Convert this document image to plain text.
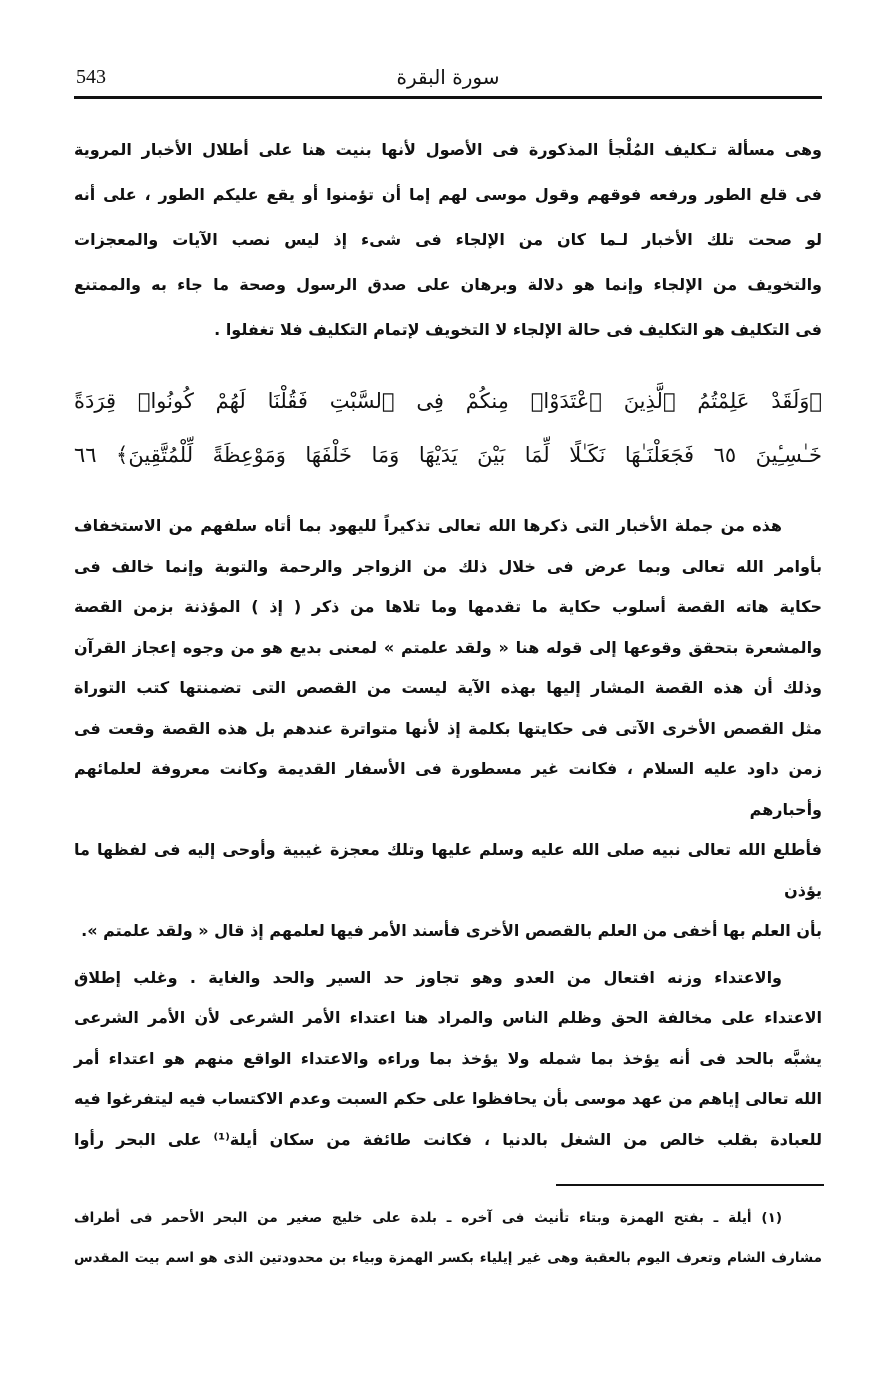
543	سورة البقرة
وهى مسألة تـكليف المُلْجأ المذكورة فى الأصول لأنها بنيت هنا على أطلال الأخبار المروية
فى قلع الطور ورفعه فوقهم وقول موسى لهم إما أن تؤمنوا أو يقع عليكم الطور ، على أنه
لو صحت تلك الأخبار لـما كان من الإلجاء فى شىء إذ ليس نصب الآيات والمعجزات
والتخويف من الإلجاء وإنما هو دلالة وبرهان على صدق الرسول وصحة ما جاء به والممتنع
فى التكليف هو التكليف فى حالة الإلجاء لا التخويف لإتمام التكليف فلا تغفلوا .
﴿وَلَقَدْ عَلِمْتُمُ ٱلَّذِينَ ٱعْتَدَوْا۟ مِنكُمْ فِى ٱلسَّبْتِ فَقُلْنَا لَهُمْ كُونُوا۟ قِرَدَةً
خَـٰسِـِٔينَ ٦٥ فَجَعَلْنَـٰهَا نَكَـٰلًا لِّمَا بَيْنَ يَدَيْهَا وَمَا خَلْفَهَا وَمَوْعِظَةً لِّلْمُتَّقِينَ﴾ ٦٦
هذه من جملة الأخبار التى ذكرها الله تعالى تذكيراً لليهود بما أتاه سلفهم من الاستخفاف
بأوامر الله تعالى وبما عرض فى خلال ذلك من الزواجر والرحمة والتوبة وإنما خالف فى
حكاية هاته القصة أسلوب حكاية ما تقدمها وما تلاها من ذكر ( إذ ) المؤذنة بزمن القصة
والمشعرة بتحقق وقوعها إلى قوله هنا « ولقد علمتم » لمعنى بديع هو من وجوه إعجاز القرآن
وذلك أن هذه القصة المشار إليها بهذه الآية ليست من القصص التى تضمنتها كتب التوراة
مثل القصص الأخرى الآتى فى حكايتها بكلمة إذ لأنها متواترة عندهم بل هذه القصة وقعت فى
زمن داود عليه السلام ، فكانت غير مسطورة فى الأسفار القديمة وكانت معروفة لعلمائهم وأحبارهم
فأطلع الله تعالى نبيه صلى الله عليه وسلم عليها وتلك معجزة غيبية وأوحى إليه فى لفظها ما يؤذن
بأن العلم بها أخفى من العلم بالقصص الأخرى فأسند الأمر فيها لعلمهم إذ قال « ولقد علمتم ».
والاعتداء وزنه افتعال من العدو وهو تجاوز حد السير والحد والغاية . وغلب إطلاق
الاعتداء على مخالفة الحق وظلم الناس والمراد هنا اعتداء الأمر الشرعى لأن الأمر الشرعى
يشبَّه بالحد فى أنه يؤخذ بما شمله ولا يؤخذ بما وراءه والاعتداء الواقع منهم هو اعتداء أمر
الله تعالى إياهم من عهد موسى بأن يحافظوا على حكم السبت وعدم الاكتساب فيه ليتفرغوا فيه
للعبادة بقلب خالص من الشغل بالدنيا ، فكانت طائفة من سكان أيلة⁽¹⁾ على البحر رأوا
(١) أيلة ـ بفتح الهمزة وبتاء تأنيث فى آخره ـ بلدة على خليج صغير من البحر الأحمر فى أطراف
مشارف الشام وتعرف اليوم بالعقبة وهى غير إيلياء بكسر الهمزة وبياء بن محدودتين الذى هو اسم بيت المقدس
